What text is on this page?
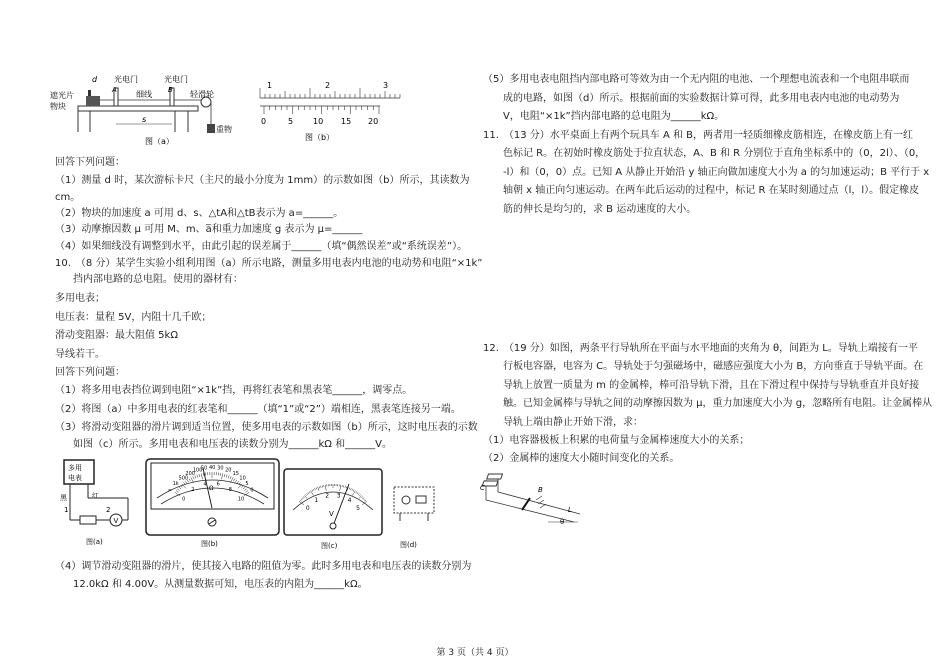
d 光电门	光电门
A	B
遮光片
物块
细线	轻滑轮
s
重物
图（a）
1	2	3
0	5 10 15 20
图（b）
回答下列问题：
（1）测量 d 时，某次游标卡尺（主尺的最小分度为 1mm）的示数如图（b）所示，其读数为
cm。
（2）物块的加速度 a 可用 d、s、△tA和△tB表示为 a=______。
（3）动摩擦因数 μ 可用 M、m、a̅和重力加速度 g 表示为 μ=______
（4）如果细线没有调整到水平，由此引起的误差属于______（填“偶然误差”或“系统误差”）。
10.　（8 分）某学生实验小组利用图（a）所示电路，测量多用电表内电池的电动势和电阻“×1k”
挡内部电路的总电阻。使用的器材有：
多用电表；
电压表：量程 5V，内阻十几千欧；
滑动变阻器：最大阻值 5kΩ
导线若干。
回答下列问题：
（1）将多用电表挡位调到电阻“×1k”挡，再将红表笔和黑表笔______，调零点。
（2）将图（a）中多用电表的红表笔和______（填“1”或“2”）端相连，黑表笔连接另一端。
（3）将滑动变阻器的滑片调到适当位置，使多用电表的示数如图（b）所示，这时电压表的示数
如图（c）所示。多用电表和电压表的读数分别为______kΩ 和______V。
（4）调节滑动变阻器的滑片，使其接入电路的阻值为零。此时多用电表和电压表的读数分别为
12.0kΩ 和 4.00V。从测量数据可知，电压表的内阻为______kΩ。
多用
电表
黑	红
1	2
V
图(a)
∞
1k
500
200
100
50 40 30 20
15
10
5
0
0
2
4 6
8
10
Ω
图(b)
0
1
2 3
4
5
V
图(c)	图(d)
（5）多用电表电阻挡内部电路可等效为由一个无内阻的电池、一个理想电流表和一个电阻串联而
成的电路，如图（d）所示。根据前面的实验数据计算可得，此多用电表内电池的电动势为
V，电阻“×1k”挡内部电路的总电阻为______kΩ。
11.　（13 分）水平桌面上有两个玩具车 A 和 B，两者用一轻质细橡皮筋相连，在橡皮筋上有一红
色标记 R。在初始时橡皮筋处于拉直状态，A、B 和 R 分别位于直角坐标系中的（0，2l）、（0，
-l）和（0，0）点。已知 A 从静止开始沿 y 轴正向做加速度大小为 a 的匀加速运动；B 平行于 x
轴朝 x 轴正向匀速运动。在两车此后运动的过程中，标记 R 在某时刻通过点（l，l）。假定橡皮
筋的伸长是均匀的，求 B 运动速度的大小。
12.　（19 分）如图，两条平行导轨所在平面与水平地面的夹角为 θ，间距为 L。导轨上端接有一平
行板电容器，电容为 C。导轨处于匀强磁场中，磁感应强度大小为 B，方向垂直于导轨平面。在
导轨上放置一质量为 m 的金属棒，棒可沿导轨下滑，且在下滑过程中保持与导轨垂直并良好接
触。已知金属棒与导轨之间的动摩擦因数为 μ，重力加速度大小为 g，忽略所有电阻。让金属棒从
导轨上端由静止开始下滑，求：
（1）电容器极板上积累的电荷量与金属棒速度大小的关系；
（2）金属棒的速度大小随时间变化的关系。
C	B
L
θ
第 3 页（共 4 页）
